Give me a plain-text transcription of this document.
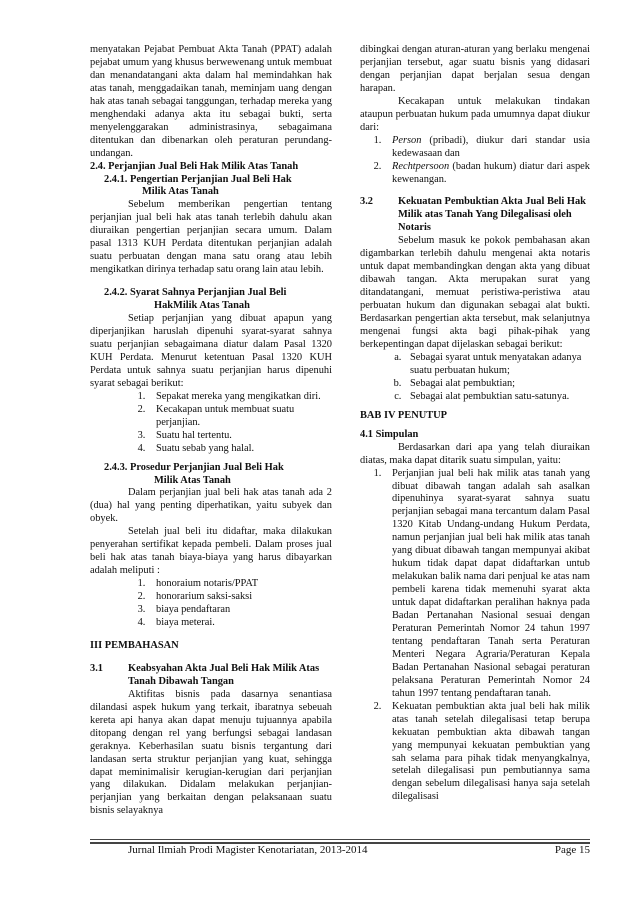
menyatakan Pejabat Pembuat Akta Tanah (PPAT) adalah pejabat umum yang khusus berwewenang untuk membuat dan menandatangani akta dalam hal memindahkan hak atas tanah, menggadaikan tanah, meminjam uang dengan hak atas tanah sebagai tanggungan, terhadap mereka yang menghendaki adanya akta itu sebagai bukti, serta menyelenggarakan administrasinya, sebagaimana ditentukan dan dibenarkan oleh peraturan perundang-undangan.

2.4. Perjanjian Jual Beli Hak Milik Atas Tanah

2.4.1. Pengertian Perjanjian Jual Beli Hak
Milik Atas Tanah

Sebelum memberikan pengertian tentang perjanjian jual beli hak atas tanah terlebih dahulu akan diuraikan pengertian perjanjian secara umum. Dalam pasal 1313 KUH Perdata ditentukan perjanjian adalah suatu perbuatan dengan mana satu orang atau lebih mengikatkan dirinya terhadap satu orang lain atau lebih.

2.4.2. Syarat Sahnya Perjanjian Jual Beli
HakMilik Atas Tanah

Setiap perjanjian yang dibuat apapun yang diperjanjikan haruslah dipenuhi syarat-syarat sahnya suatu perjanjian sebagaimana diatur dalam Pasal 1320 KUH Perdata. Menurut ketentuan Pasal 1320 KUH Perdata untuk sahnya suatu perjanjian harus dipenuhi syarat sebagai berikut:

1. Sepakat mereka yang mengikatkan diri.
2. Kecakapan untuk membuat suatu perjanjian.
3. Suatu hal tertentu.
4. Suatu sebab yang halal.
2.4.3. Prosedur Perjanjian Jual Beli Hak
Milik Atas Tanah

Dalam perjanjian jual beli hak atas tanah ada 2 (dua) hal yang penting diperhatikan, yaitu subyek dan obyek.

Setelah jual beli itu didaftar, maka dilakukan penyerahan sertifikat kepada pembeli. Dalam proses jual beli hak atas tanah biaya-biaya yang harus dibayarkan adalah meliputi :

1. honoraium notaris/PPAT
2. honorarium saksi-saksi
3. biaya pendaftaran
4. biaya meterai.

III PEMBAHASAN

3.1	Keabsyahan Akta Jual Beli Hak Milik Atas Tanah Dibawah Tangan

Aktifitas bisnis pada dasarnya senantiasa dilandasi aspek hukum yang terkait, ibaratnya sebeuah kereta api hanya akan dapat menuju tujuannya apabila ditopang dengan rel yang berfungsi sebagai landasan geraknya. Keberhasilan suatu bisnis tergantung dari landasan serta struktur perjanjian yang kuat, sehingga dapat meminimalisir kerugian-kerugian dari perjanjian yang dilakukan. Didalam melakukan perjanjian-perjanjian yang berkaitan dengan pelaksanaan suatu bisnis selayaknya

dibingkai dengan aturan-aturan yang berlaku mengenai perjanjian tersebut, agar suatu bisnis yang didasari dengan perjanjian dapat berjalan sesua dengan harapan.

Kecakapan untuk melakukan tindakan ataupun perbuatan hukum pada umumnya dapat diukur dari:

1. Person (pribadi), diukur dari standar usia kedewasaan dan
2. Rechtpersoon (badan hukum) diatur dari aspek kewenangan.
3.2	Kekuatan Pembuktian Akta Jual Beli Hak Milik atas Tanah Yang Dilegalisasi oleh Notaris

Sebelum masuk ke pokok pembahasan akan digambarkan terlebih dahulu mengenai akta notaris untuk dapat membandingkan dengan akta yang dibuat dibawah tangan. Akta merupakan surat yang ditandatangani, memuat peristiwa-peristiwa atau perbuatan hukum dan digunakan sebagai alat bukti. Berdasarkan pengertian akta tersebut, mak selanjutnya mengenai fungsi akta bagi pihak-pihak yang berkepentingan dapat dijelaskan sebagai berikut:

a. Sebagai syarat untuk menyatakan adanya suatu perbuatan hukum;
b. Sebagai alat pembuktian;
c. Sebagai alat pembuktian satu-satunya.

BAB IV PENUTUP

4.1 Simpulan

Berdasarkan dari apa yang telah diuraikan diatas, maka dapat ditarik suatu simpulan, yaitu:

1. Perjanjian jual beli hak milik atas tanah yang dibuat dibawah tangan adalah sah asalkan dipenuhinya syarat-syarat sahnya suatu perjanjian sebagai mana tercantum dalam Pasal 1320 Kitab Undang-undang Hukum Perdata, namun perjanjian jual beli hak milik atas tanah yang dibuat dibawah tangan mempunyai akibat hukum tidak dapat dapat didaftarkan untub melakukan balik nama dari penjual ke atas nam pembeli karena tidak memenuhi syarat akta untuk dapat didaftarkan peralihan haknya pada Badan Pertanahan Nasional sesuai dengan Peraturan Pemerintah Nomor 24 tahun 1997 tentang pendaftaran Tanah serta Peraturan Menteri Negara Agraria/Peraturan Kepala Badan Pertanahan Nasional sebagai peraturan pelaksana Peraturan Pemerintah Nomor 24 tahun 1997 tentang pendaftaran tanah.
2. Kekuatan pembuktian akta jual beli hak milik atas tanah setelah dilegalisasi tetap berupa kekuatan pembuktian akta dibawah tangan yang mempunyai kekuatan pembuktian yang sah selama para pihak tidak menyangkalnya, setelah dilegalisasi pun pembutiannya sama dengan sebelum dilegalisasi hanya saja setelah dilegalisasi
Jurnal Ilmiah Prodi Magister Kenotariatan, 2013-2014	Page 15
